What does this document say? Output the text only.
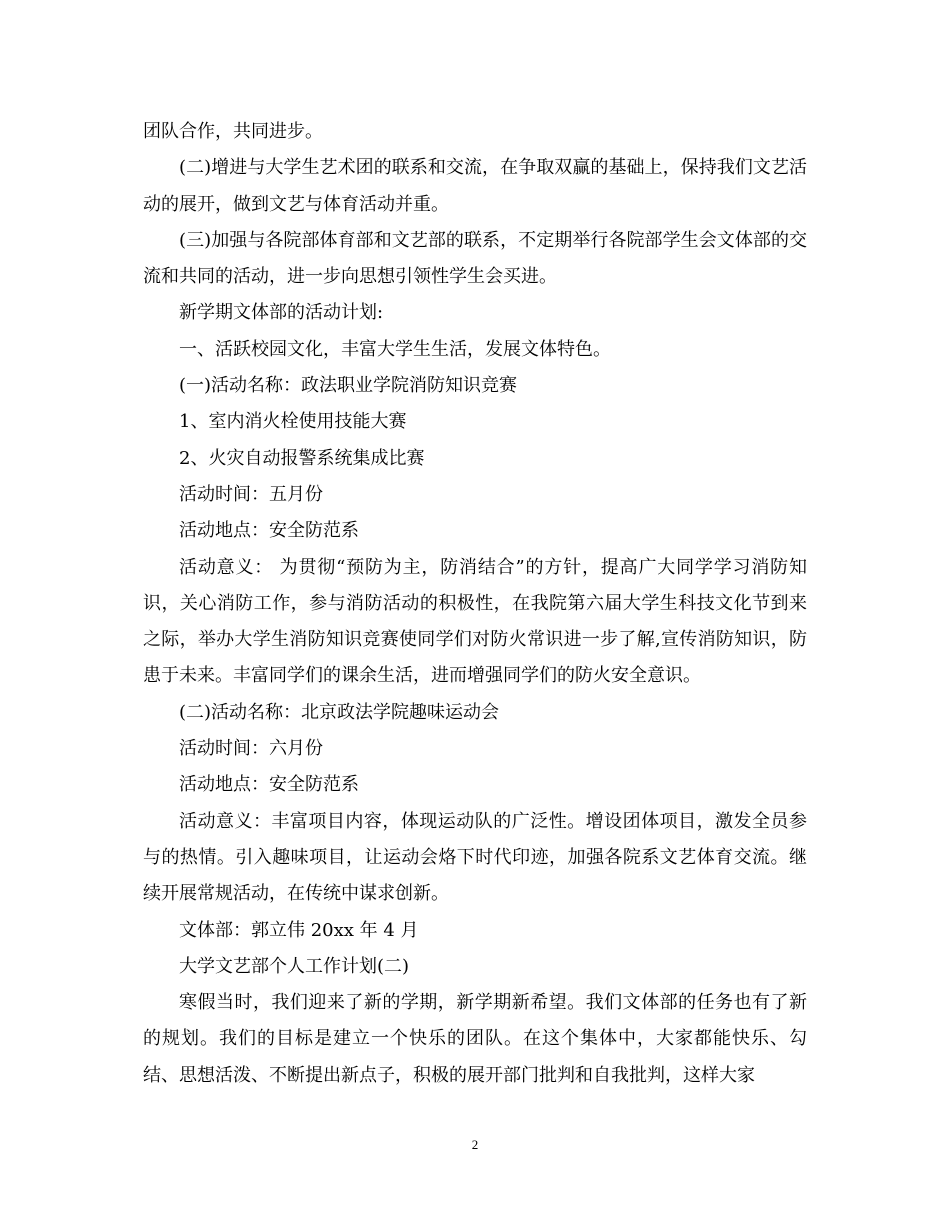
团队合作，共同进步。

(二)增进与大学生艺术团的联系和交流，在争取双赢的基础上，保持我们文艺活动的展开，做到文艺与体育活动并重。

(三)加强与各院部体育部和文艺部的联系，不定期举行各院部学生会文体部的交流和共同的活动，进一步向思想引领性学生会买进。

新学期文体部的活动计划:

一、活跃校园文化，丰富大学生生活，发展文体特色。

(一)活动名称：政法职业学院消防知识竞赛

1、室内消火栓使用技能大赛

2、火灾自动报警系统集成比赛

活动时间：五月份

活动地点：安全防范系

活动意义： 为贯彻“预防为主，防消结合”的方针，提高广大同学学习消防知识，关心消防工作，参与消防活动的积极性，在我院第六届大学生科技文化节到来之际，举办大学生消防知识竞赛使同学们对防火常识进一步了解,宣传消防知识，防患于未来。丰富同学们的课余生活，进而增强同学们的防火安全意识。

(二)活动名称：北京政法学院趣味运动会

活动时间：六月份

活动地点：安全防范系

活动意义：丰富项目内容，体现运动队的广泛性。增设团体项目，激发全员参与的热情。引入趣味项目，让运动会烙下时代印迹，加强各院系文艺体育交流。继续开展常规活动，在传统中谋求创新。

文体部：郭立伟 20xx 年 4 月

大学文艺部个人工作计划(二)

寒假当时，我们迎来了新的学期，新学期新希望。我们文体部的任务也有了新的规划。我们的目标是建立一个快乐的团队。在这个集体中，大家都能快乐、勾结、思想活泼、不断提出新点子，积极的展开部门批判和自我批判，这样大家

2
